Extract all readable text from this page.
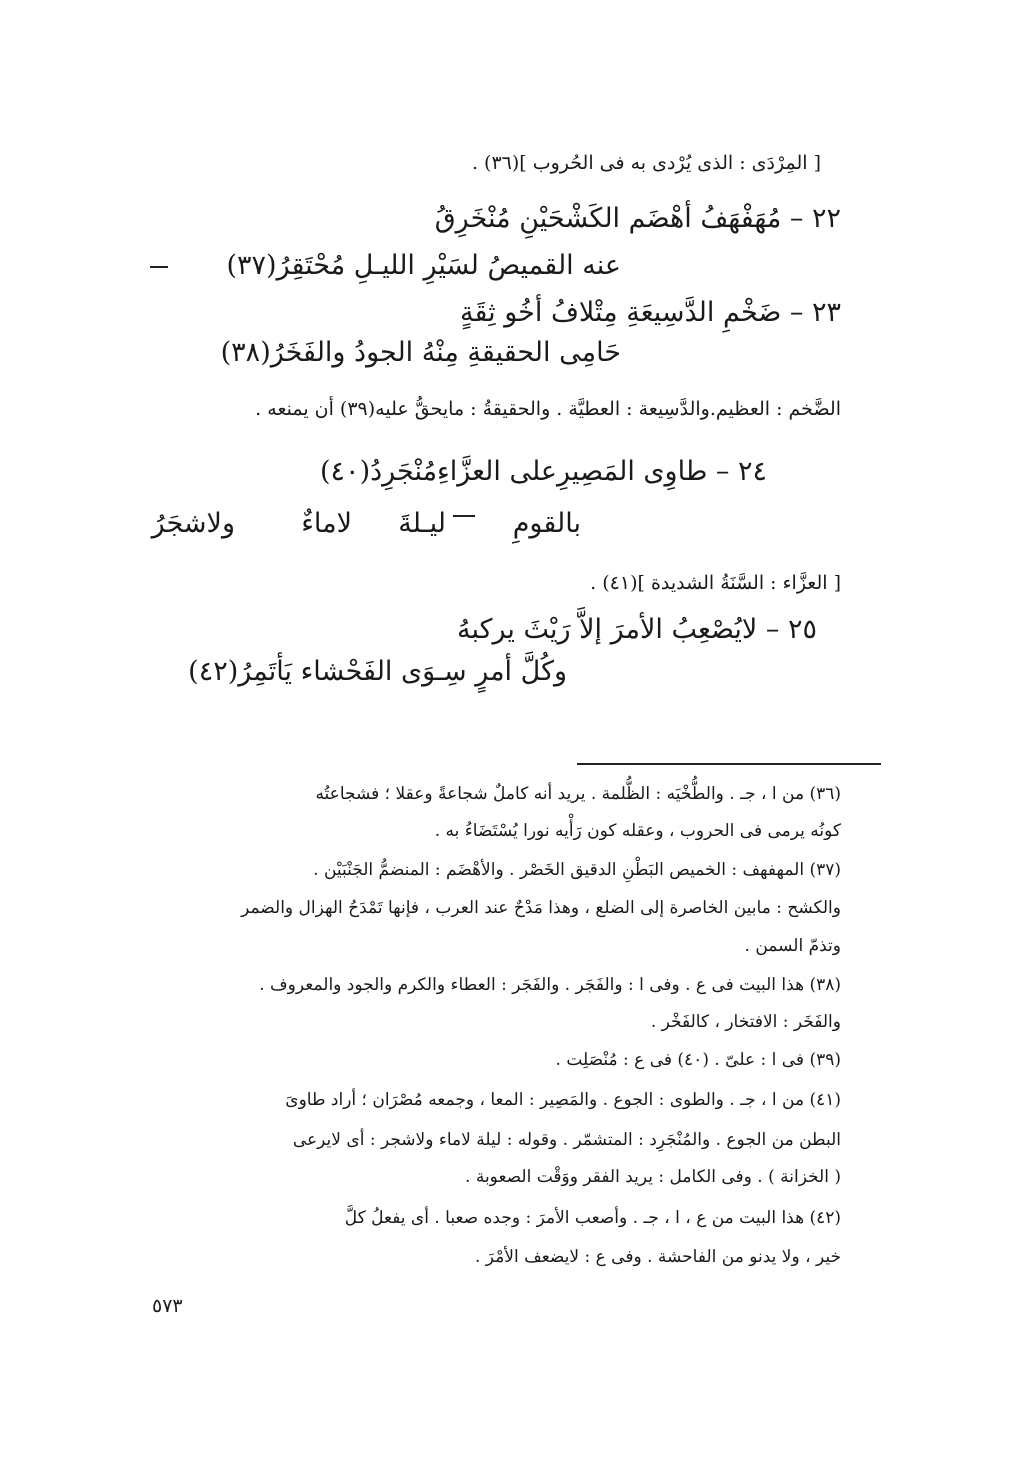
[ المِرْدَى : الذى يُرْدى به فى الحُروب ](٣٦) .
٢٢ – مُهَفْهَفُ أهْضَم الكَشْحَيْنِ مُنْخَرِقُ
عنه القميصُ لسَيْرِ الليـلِ مُحْتَقِرُ(٣٧)
٢٣ – ضَخْمِ الدَّسِيعَةِ مِتْلافُ أخُو ثِقَةٍ
حَامِى الحقيقةِ مِنْهُ الجودُ والفَخَرُ(٣٨)
الضَّخم : العظيم.والدَّسِيعة : العطيَّة . والحقيقةُ : مايحقُّ عليه(٣٩) أن يمنعه .
٢٤ – طاوِى المَصِيرِعلى العزَّاءِمُنْجَرِدُ(٤٠)
بالقومِ
ليـلةَ
لاماءٌ
ولاشجَرُ
[ العزَّاء : السَّنَةُ الشديدة ](٤١) .
٢٥ – لايُصْعِبُ الأمرَ إلاَّ رَيْثَ يركبهُ
وكُلَّ أمرٍ سِـوَى الفَحْشاء يَأتَمِرُ(٤٢)
(٣٦) من ا ، جـ . والطُّخْيَه : الظُّلمة . يريد أنه كاملٌ شجاعةً وعقلا ؛ فشجاعتُه
كونُه يرمى فى الحروب ، وعقله كون رَأْيه نورا يُسْتَضَاءُ به .
(٣٧) المهفهف : الخميص البَطْنِ الدقيق الخَصْر . والأهْضَم : المنضمُّ الجَنْبَيْن .
والكشح : مابين الخاصرة إلى الضلع ، وهذا مَدْحٌ عند العرب ، فإنها تَمْدَحُ الهزال والضمر
وتذمّ السمن .
(٣٨) هذا البيت فى ع . وفى ا : والفَجَر . والفَجَر : العطاء والكرم والجود والمعروف .
والفَخَر : الافتخار ، كالفَخْر .
(٣٩) فى ا : علىّ . (٤٠) فى ع : مُنْصَلِت .
(٤١) من ا ، جـ . والطوى : الجوع . والمَصِير : المعا ، وجمعه مُصْرَان ؛ أراد طاوىَ
البطن من الجوع . والمُنْجَرِد : المتشمّر . وقوله : ليلة لاماء ولاشجر : أى لايرعى
( الخزانة ) . وفى الكامل : يريد الفقر ووَقْت الصعوبة .
(٤٢) هذا البيت من ع ، ا ، جـ . وأصعب الأمرَ : وجده صعبا . أى يفعلُ كلَّ
خير ، ولا يدنو من الفاحشة . وفى ع : لايضعف الأمْرَ .
٥٧٣
